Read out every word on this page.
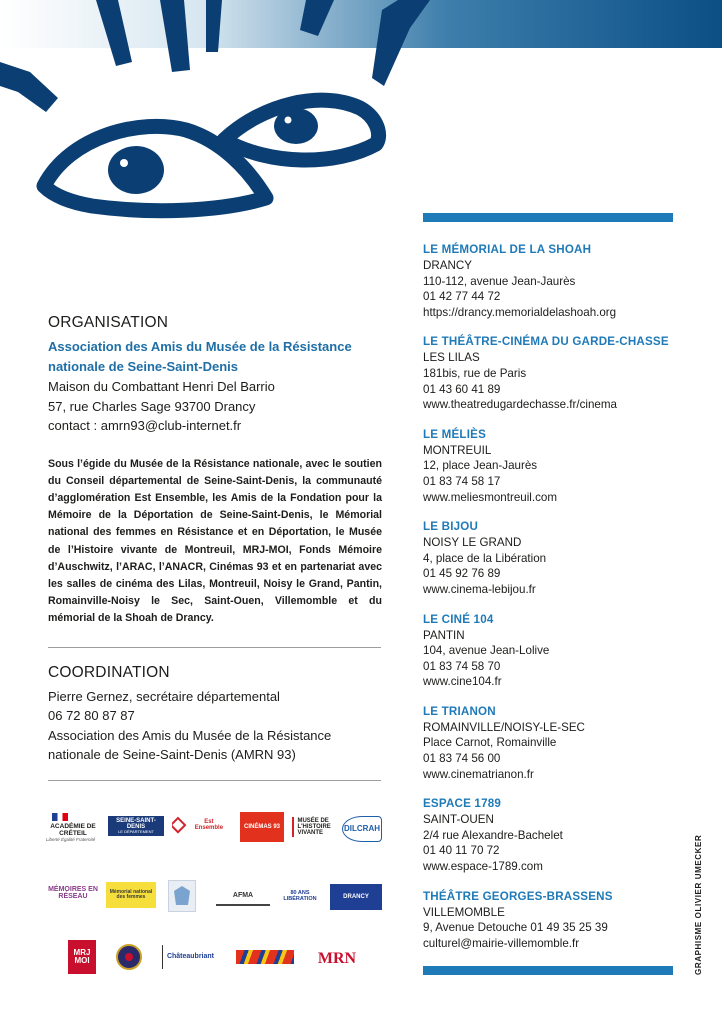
ORGANISATION
Association des Amis du Musée de la Résistance
nationale de Seine-Saint-Denis
Maison du Combattant Henri Del Barrio
57, rue Charles Sage 93700 Drancy
contact : amrn93@club-internet.fr
Sous l’égide du Musée de la Résistance nationale, avec le soutien du Conseil départemental de Seine-Saint-Denis, la communauté d’agglomération Est Ensemble, les Amis de la Fondation pour la Mémoire de la Déportation de Seine-Saint-Denis, le Mémorial national des femmes en Résistance et en Déportation, le Musée de l’Histoire vivante de Montreuil, MRJ-MOI, Fonds Mémoire d’Auschwitz, l’ARAC, l’ANACR, Cinémas 93 et en partenariat avec les salles de cinéma des Lilas, Montreuil, Noisy le Grand, Pantin, Romainville-Noisy le Sec, Saint-Ouen, Villemomble et du mémorial de la Shoah de Drancy.
COORDINATION
Pierre Gernez, secrétaire départemental
06 72 80 87 87
Association des Amis du Musée de la Résistance
nationale de Seine-Saint-Denis (AMRN 93)
ACADÉMIE DE CRÉTEIL
Liberté Égalité Fraternité
SEINE-SAINT-DENIS
LE DÉPARTEMENT
Est Ensemble	CINÉMAS 93
MUSÉE DE L'HISTOIRE VIVANTE
DILCRAH
MÉMOIRES EN RÉSEAU
Mémorial national des femmes	AFMA	80 ANS LIBÉRATION	DRANCY
MRJ MOI	Châteaubriant	MRN
LE MÉMORIAL DE LA SHOAH
DRANCY
110-112, avenue Jean-Jaurès
01 42 77 44 72
https://drancy.memorialdelashoah.org
LE THÉÂTRE-CINÉMA DU GARDE-CHASSE
LES LILAS
181bis, rue de Paris
01 43 60 41 89
www.theatredugardechasse.fr/cinema
LE MÉLIÈS
MONTREUIL
12, place Jean-Jaurès
01 83 74 58 17
www.meliesmontreuil.com
LE BIJOU
NOISY LE GRAND
4, place de la Libération
01 45 92 76 89
www.cinema-lebijou.fr
LE CINÉ 104
PANTIN
104, avenue Jean-Lolive
01 83 74 58 70
www.cine104.fr
LE TRIANON
ROMAINVILLE/NOISY-LE-SEC
Place Carnot, Romainville
01 83 74 56 00
www.cinematrianon.fr
ESPACE 1789
SAINT-OUEN
2/4 rue Alexandre-Bachelet
01 40 11 70 72
www.espace-1789.com
THÉÂTRE GEORGES-BRASSENS
VILLEMOMBLE
9, Avenue Detouche 01 49 35 25 39
culturel@mairie-villemomble.fr	GRAPHISME OLIVIER UMECKER
